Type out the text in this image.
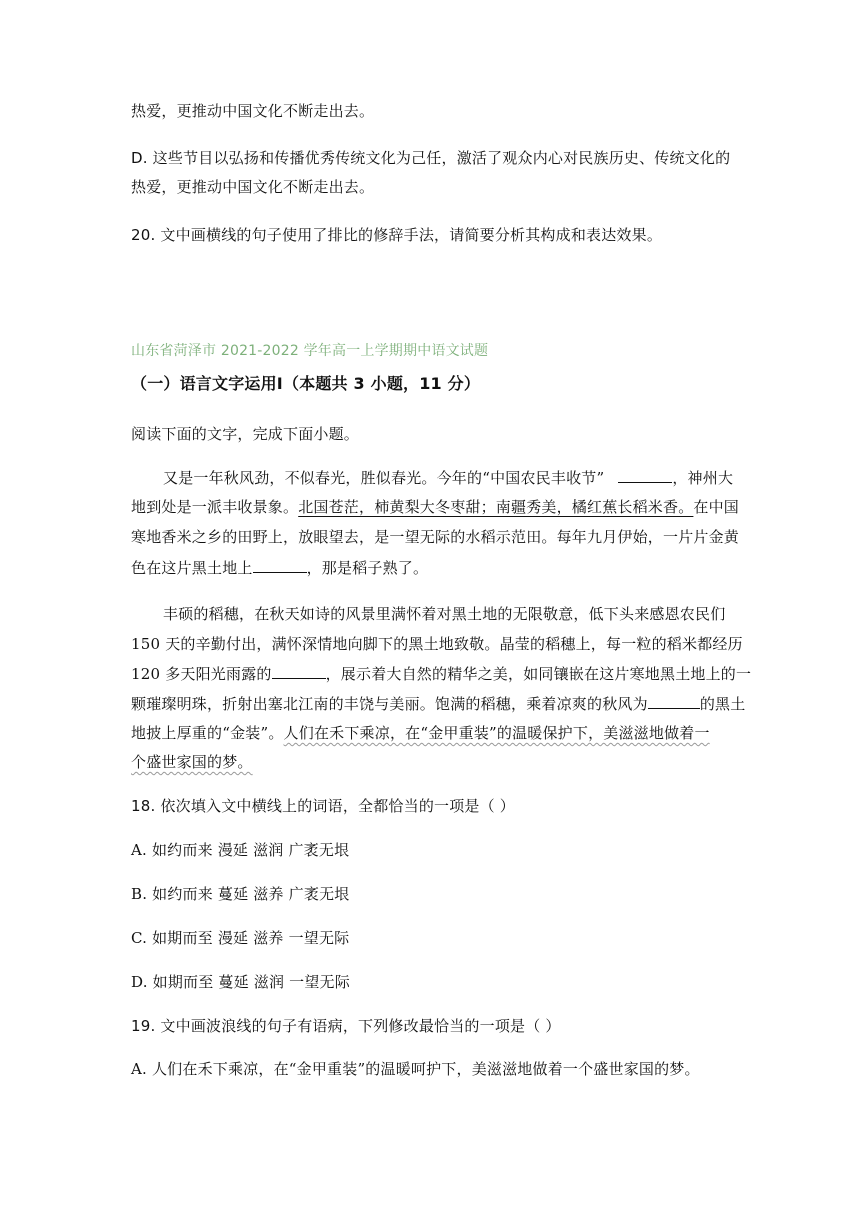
热爱，更推动中国文化不断走出去。
D. 这些节目以弘扬和传播优秀传统文化为己任，激活了观众内心对民族历史、传统文化的
热爱，更推动中国文化不断走出去。
20. 文中画横线的句子使用了排比的修辞手法，请简要分析其构成和表达效果。
山东省菏泽市 2021-2022 学年高一上学期期中语文试题
（一）语言文字运用Ⅰ（本题共 3 小题，11 分）
阅读下面的文字，完成下面小题。
又是一年秋风劲，不似春光，胜似春光。今年的“中国农民丰收节”	，神州大
地到处是一派丰收景象。北国苍茫，柿黄梨大冬枣甜；南疆秀美，橘红蕉长稻米香。在中国
寒地香米之乡的田野上，放眼望去，是一望无际的水稻示范田。每年九月伊始，一片片金黄
色在这片黑土地上	，那是稻子熟了。
丰硕的稻穗，在秋天如诗的风景里满怀着对黑土地的无限敬意，低下头来感恩农民们
150 天的辛勤付出，满怀深情地向脚下的黑土地致敬。晶莹的稻穗上，每一粒的稻米都经历
120 多天阳光雨露的	，展示着大自然的精华之美，如同镶嵌在这片寒地黑土地上的一
颗璀璨明珠，折射出塞北江南的丰饶与美丽。饱满的稻穗，乘着凉爽的秋风为	的黑土
地披上厚重的“金装”。人们在禾下乘凉，在“金甲重装”的温暖保护下，美滋滋地做着一
个盛世家国的梦。
18. 依次填入文中横线上的词语，全都恰当的一项是（ ）
A. 如约而来 漫延 滋润 广袤无垠
B. 如约而来 蔓延 滋养 广袤无垠
C. 如期而至 漫延 滋养 一望无际
D. 如期而至 蔓延 滋润 一望无际
19. 文中画波浪线的句子有语病，下列修改最恰当的一项是（ ）
A. 人们在禾下乘凉，在“金甲重装”的温暖呵护下，美滋滋地做着一个盛世家国的梦。
